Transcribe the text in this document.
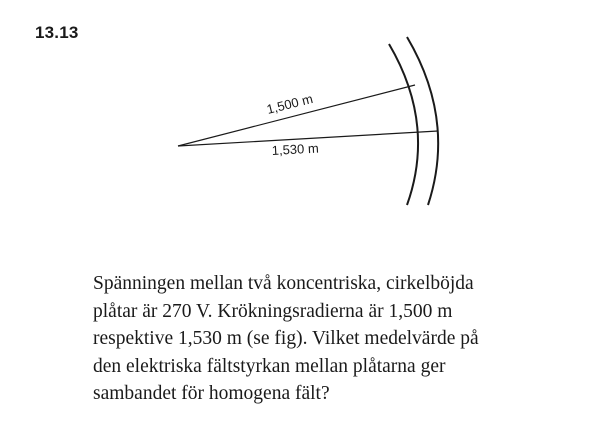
13.13
1,500 m
1,530 m

Spänningen mellan två koncentriska, cirkelböjda
plåtar är 270 V. Krökningsradierna är 1,500 m
respektive 1,530 m (se fig). Vilket medelvärde på
den elektriska fältstyrkan mellan plåtarna ger
sambandet för homogena fält?
